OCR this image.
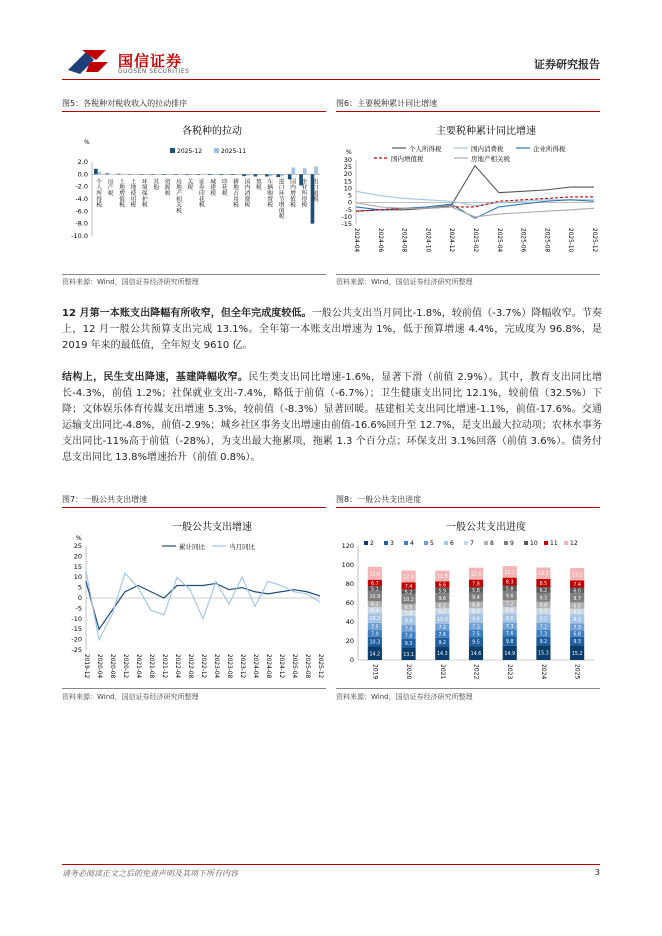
国信证券
GUOSEN SECURITIES
证券研究报告
图5：各税种对税收收入的拉动排序	图6：主要税种累计同比增速
各税种的拉动
%
2025-12	2025-11
2.0
0.0
-2.0
-4.0
-6.0
-8.0
-10.0
个人所得税 房产税 土地增值税 土地使用税 环境保护税 其他 资源税 房地产相关税 关税 证券印花税 城建税 印花税 耕地占用税 国内消费税 契税 车辆购置税 进口环节增值税 国内增值税 企业所得税 出口退税
主要税种累计同比增速
%
30
25
20
15
10
5
0
-5
-10
-15
2024-04	2024-06	2024-08	2024-10	2024-12	2025-02	2025-04	2025-06	2025-08	2025-10	2025-12
个人所得税	国内消费税	企业所得税
国内增值税	房地产相关税
资料来源：Wind，国信证券经济研究所整理	资料来源：Wind，国信证券经济研究所整理
12 月第一本账支出降幅有所收窄，但全年完成度较低。一般公共支出当月同比-1.8%，较前值（-3.7%）降幅收窄。节奏上，12 月一般公共预算支出完成 13.1%。全年第一本账支出增速为 1%，低于预算增速 4.4%，完成度为 96.8%，是 2019 年来的最低值，全年短支 9610 亿。
结构上，民生支出降速，基建降幅收窄。民生类支出同比增速-1.6%，显著下滑（前值 2.9%）。其中，教育支出同比增长-4.3%，前值 1.2%；社保就业支出-7.4%，略低于前值（-6.7%）；卫生健康支出同比 12.1%，较前值（32.5%）下降；文体娱乐体育传媒支出增速 5.3%，较前值（-8.3%）显著回暖。基建相关支出同比增速-1.1%，前值-17.6%。交通运输支出同比-4.8%，前值-2.9%；城乡社区事务支出增速由前值-16.6%回升至 12.7%，是支出最大拉动项；农林水事务支出同比-11%高于前值（-28%），为支出最大拖累项，拖累 1.3 个百分点；环保支出 3.1%回落（前值 3.6%）。债务付息支出同比 13.8%增速抬升（前值 0.8%）。
图7：一般公共支出增速	图8：一般公共支出进度
一般公共支出增速
%
25
20
15
10
5
0
-5
-10
-15
-20
-25
2019-12 2020-04 2020-08 2020-12 2021-04 2021-08 2021-12 2022-04 2022-08 2022-12 2023-04 2023-08 2023-12 2024-04 2024-08 2024-12 2025-04 2025-08 2025-12
累计同比	当月同比
一般公共支出进度
2	3	4	5	6	7	8	9	10 11 12
120
100
80
60
40
20
0
14.2
10.3
7.0
7.5
10.3
6.4
6.1
10.9
5.1
6.7
13.6
2019
13.1
9.3
7.0
7.4
9.8
5.9
6.5
10.2
5.2
7.4
12.4
2020
14.3
9.2
7.6
7.2
10.0
6.2
6.2
9.6
5.9
6.6
11.3
2021
14.6
9.5
7.5
7.3
9.6
6.3
6.8
9.4
5.8
7.8
12.6
2022
14.9
9.8
7.6
7.3
9.6
6.6
7.2
9.6
5.8
8.3
12.1
2023
15.3
9.2
7.3
7.2
9.2
6.3
6.8
9.3
6.2
8.5
12.1
2024
15.2
9.3
6.8
7.3
9.3
6.2
6.5
9.7
6.0
7.4
13.1
2025
资料来源：Wind，国信证券经济研究所整理	资料来源：Wind，国信证券经济研究所整理
请务必阅读正文之后的免责声明及其项下所有内容	3
